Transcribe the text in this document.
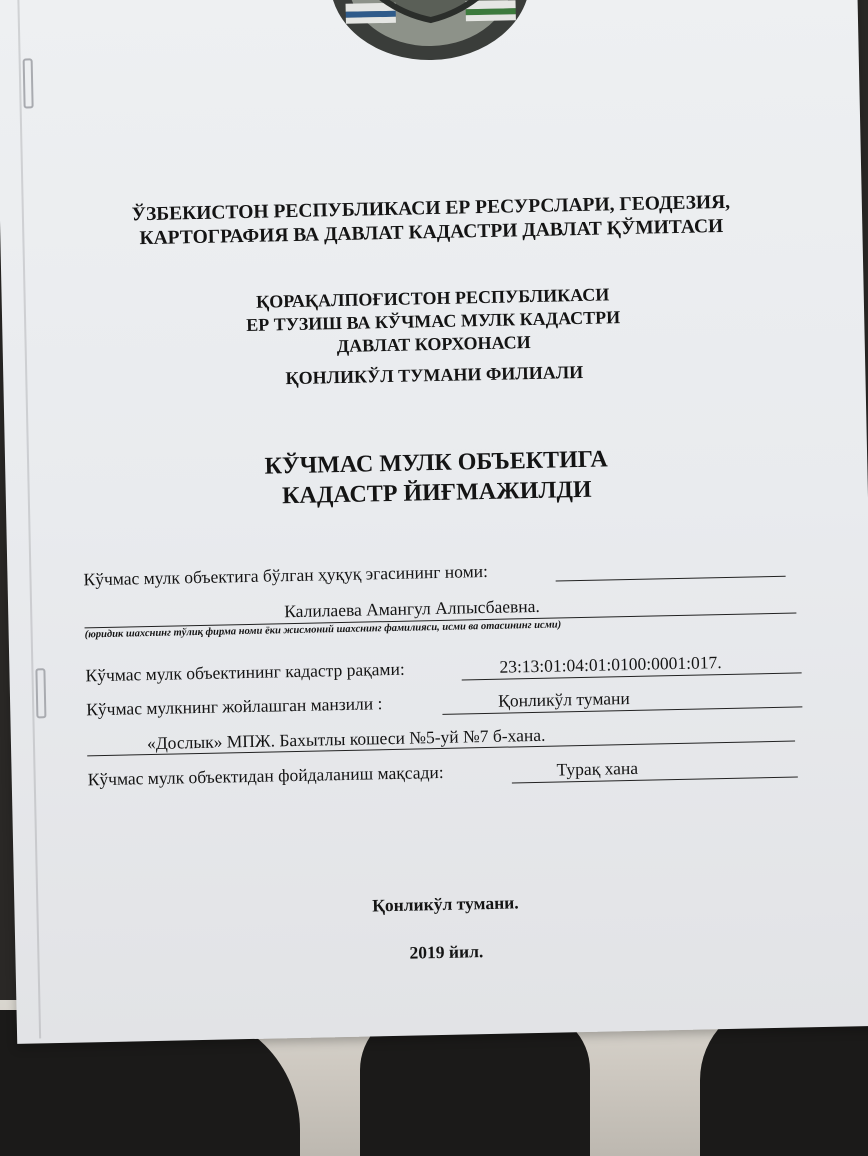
ЎЗБЕКИСТОН РЕСПУБЛИКАСИ ЕР РЕСУРСЛАРИ, ГЕОДЕЗИЯ,
КАРТОГРАФИЯ ВА ДАВЛАТ КАДАСТРИ ДАВЛАТ ҚЎМИТАСИ
ҚОРАҚАЛПОҒИСТОН РЕСПУБЛИКАСИ
ЕР ТУЗИШ ВА КЎЧМАС МУЛК КАДАСТРИ
ДАВЛАТ КОРХОНАСИ
ҚОНЛИКЎЛ ТУМАНИ ФИЛИАЛИ
КЎЧМАС МУЛК ОБЪЕКТИГА
КАДАСТР ЙИҒМАЖИЛДИ
Кўчмас мулк объектига бўлган ҳуқуқ эгасининг номи:
Калилаева Амангул Алпысбаевна.
(юридик шахснинг тўлиқ фирма номи ёки жисмоний шахснинг фамилияси, исми ва отасининг исми)
Кўчмас мулк объектининг кадастр рақами:	23:13:01:04:01:0100:0001:017.
Кўчмас мулкнинг жойлашган манзили :	Қонликўл тумани
«Дослык» МПЖ. Бахытлы кошеси №5-уй №7 б-хана.
Кўчмас мулк объектидан фойдаланиш мақсади:	Турақ хана
Қонликўл тумани.
2019 йил.
